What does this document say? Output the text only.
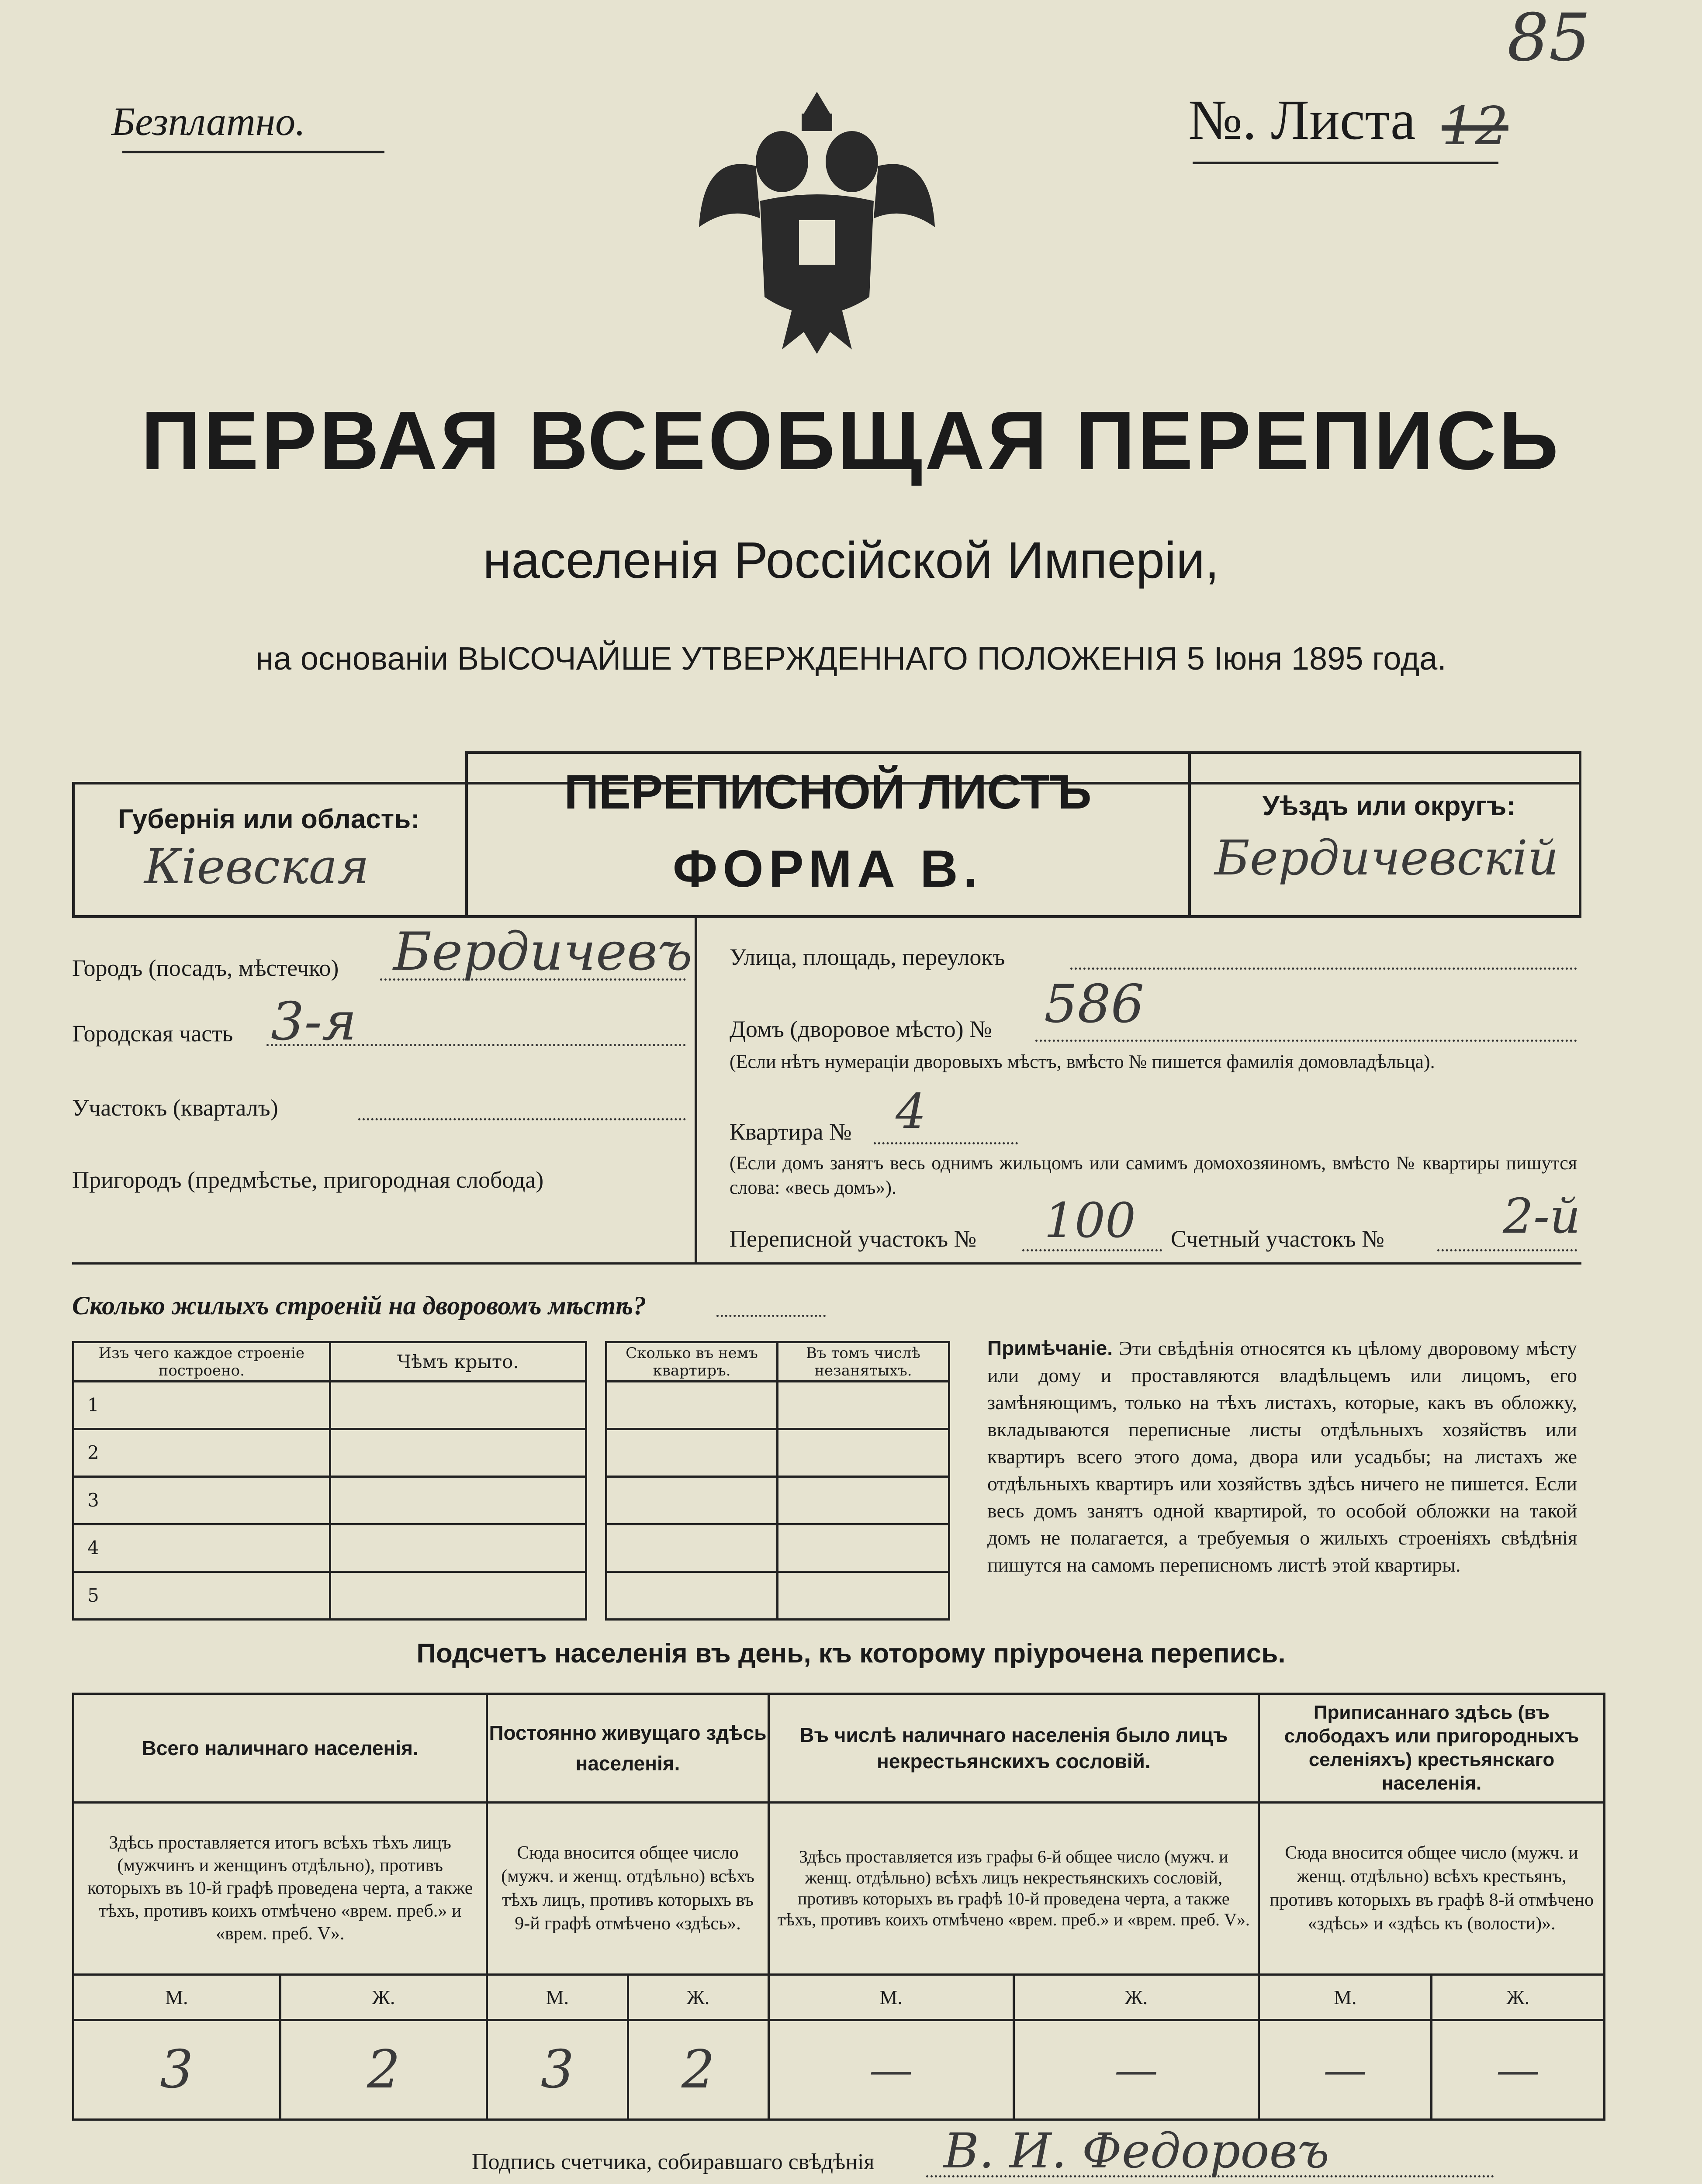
Безплатно.	№. Листа 12
85
ПЕРВАЯ ВСЕОБЩАЯ ПЕРЕПИСЬ
населенія Россійской Имперіи,
на основаніи ВЫСОЧАЙШЕ УТВЕРЖДЕННАГО ПОЛОЖЕНІЯ 5 Іюня 1895 года.
Губернія или область:
Кіевская
ПЕРЕПИСНОЙ ЛИСТЪ
ФОРМА В.
Уѣздъ или округъ:
Бердичевскій
Городъ (посадъ, мѣстечко) Бердичевъ
Городская часть 3-я
Участокъ (кварталъ)
Пригородъ (предмѣстье, пригородная слобода)
Улица, площадь, переулокъ
Домъ (дворовое мѣсто) № 586
(Если нѣтъ нумераціи дворовыхъ мѣстъ, вмѣсто № пишется фамилія домовладѣльца).
Квартира № 4
(Если домъ занятъ весь однимъ жильцомъ или самимъ домохозяиномъ, вмѣсто № квартиры пишутся слова: «весь домъ»).
Переписной участокъ № 100 Счетный участокъ № 2-й
Сколько жилыхъ строеній на дворовомъ мѣстѣ?
Изъ чего каждое строеніе построено.	Чѣмъ крыто.		Сколько въ немъ квартиръ.	Въ томъ числѣ незанятыхъ.
1				
2				
3				
4				
5				
Примѣчаніе. Эти свѣдѣнія относятся къ цѣлому дворовому мѣсту или дому и проставляются владѣльцемъ или лицомъ, его замѣняющимъ, только на тѣхъ листахъ, которые, какъ въ обложку, вкладываются переписные листы отдѣльныхъ хозяйствъ или квартиръ всего этого дома, двора или усадьбы; на листахъ же отдѣльныхъ квартиръ или хозяйствъ здѣсь ничего не пишется. Если весь домъ занятъ одной квартирой, то особой обложки на такой домъ не полагается, а требуемыя о жилыхъ строеніяхъ свѣдѣнія пишутся на самомъ переписномъ листѣ этой квартиры.
Подсчетъ населенія въ день, къ которому пріурочена перепись.
Всего наличнаго населенія.		Постоянно живущаго здѣсь населенія.		Въ числѣ наличнаго населенія было лицъ некрестьянскихъ сословій.		Приписаннаго здѣсь (въ слободахъ или пригородныхъ селеніяхъ) крестьянскаго населенія.	
Здѣсь проставляется итогъ всѣхъ тѣхъ лицъ (мужчинъ и женщинъ отдѣльно), противъ которыхъ въ 10-й графѣ проведена черта, а также тѣхъ, противъ коихъ отмѣчено «врем. преб.» и «врем. преб. V».		Сюда вносится общее число (мужч. и женщ. отдѣльно) всѣхъ тѣхъ лицъ, противъ которыхъ въ 9-й графѣ отмѣчено «здѣсь».		Здѣсь проставляется изъ графы 6-й общее число (мужч. и женщ. отдѣльно) всѣхъ лицъ некрестьянскихъ сословій, противъ которыхъ въ графѣ 10-й проведена черта, а также тѣхъ, противъ коихъ отмѣчено «врем. преб.» и «врем. преб. V».		Сюда вносится общее число (мужч. и женщ. отдѣльно) всѣхъ крестьянъ, противъ которыхъ въ графѣ 8-й отмѣчено «здѣсь» и «здѣсь къ (волости)».	
М.	Ж.	М.	Ж.	М.	Ж.	М.	Ж.
3	2	3	2	—	—	—	—
Подпись счетчика, собиравшаго свѣдѣнія В. И. Федоровъ
